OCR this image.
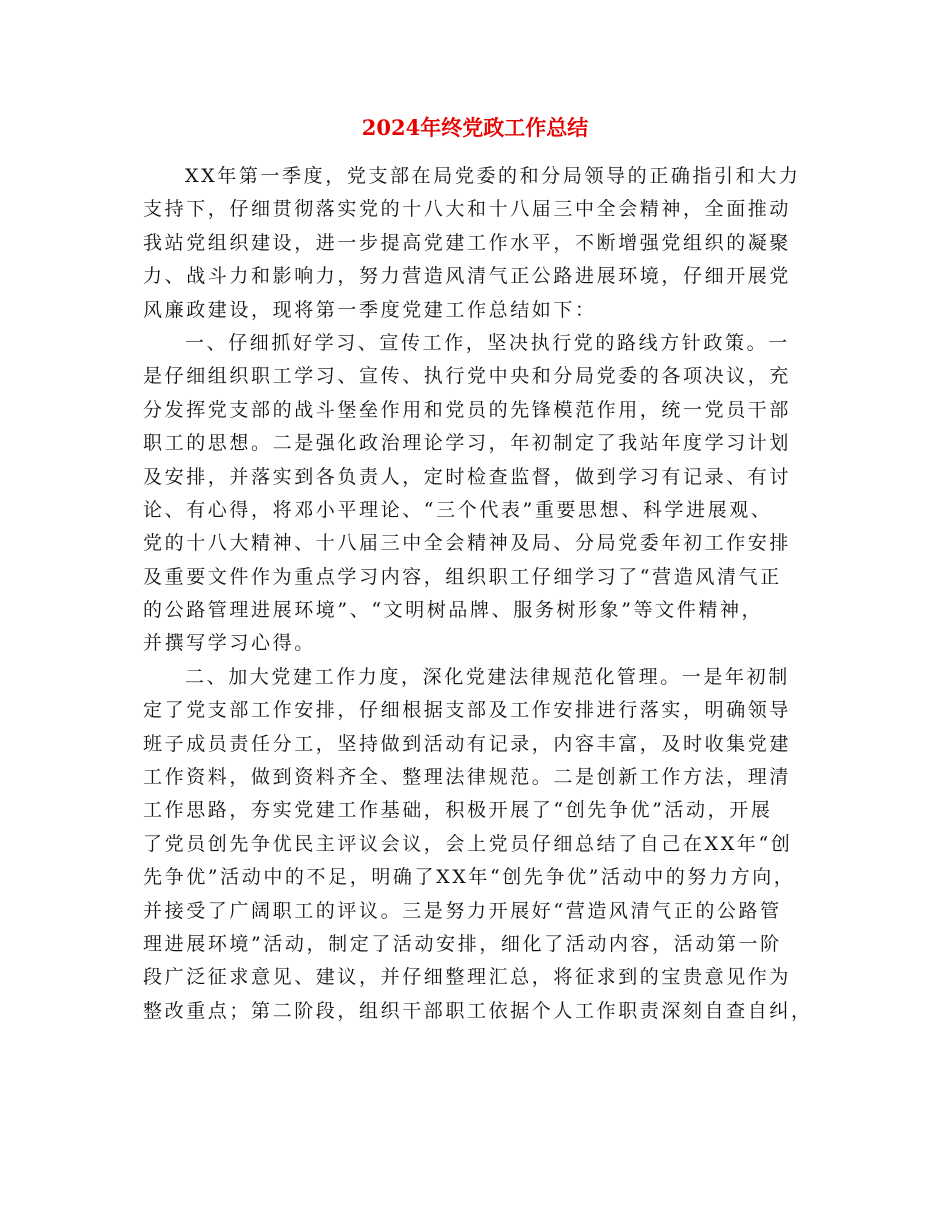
2024年终党政工作总结
XX年第一季度，党支部在局党委的和分局领导的正确指引和大力
支持下，仔细贯彻落实党的十八大和十八届三中全会精神，全面推动
我站党组织建设，进一步提高党建工作水平，不断增强党组织的凝聚
力、战斗力和影响力，努力营造风清气正公路进展环境，仔细开展党
风廉政建设，现将第一季度党建工作总结如下：
一、仔细抓好学习、宣传工作，坚决执行党的路线方针政策。一
是仔细组织职工学习、宣传、执行党中央和分局党委的各项决议，充
分发挥党支部的战斗堡垒作用和党员的先锋模范作用，统一党员干部
职工的思想。二是强化政治理论学习，年初制定了我站年度学习计划
及安排，并落实到各负责人，定时检查监督，做到学习有记录、有讨
论、有心得，将邓小平理论、“三个代表”重要思想、科学进展观、
党的十八大精神、十八届三中全会精神及局、分局党委年初工作安排
及重要文件作为重点学习内容，组织职工仔细学习了“营造风清气正
的公路管理进展环境”、“文明树品牌、服务树形象”等文件精神，
并撰写学习心得。
二、加大党建工作力度，深化党建法律规范化管理。一是年初制
定了党支部工作安排，仔细根据支部及工作安排进行落实，明确领导
班子成员责任分工，坚持做到活动有记录，内容丰富，及时收集党建
工作资料，做到资料齐全、整理法律规范。二是创新工作方法，理清
工作思路，夯实党建工作基础，积极开展了“创先争优”活动，开展
了党员创先争优民主评议会议，会上党员仔细总结了自己在XX年“创
先争优”活动中的不足，明确了XX年“创先争优”活动中的努力方向，
并接受了广阔职工的评议。三是努力开展好“营造风清气正的公路管
理进展环境”活动，制定了活动安排，细化了活动内容，活动第一阶
段广泛征求意见、建议，并仔细整理汇总，将征求到的宝贵意见作为
整改重点；第二阶段，组织干部职工依据个人工作职责深刻自查自纠，
